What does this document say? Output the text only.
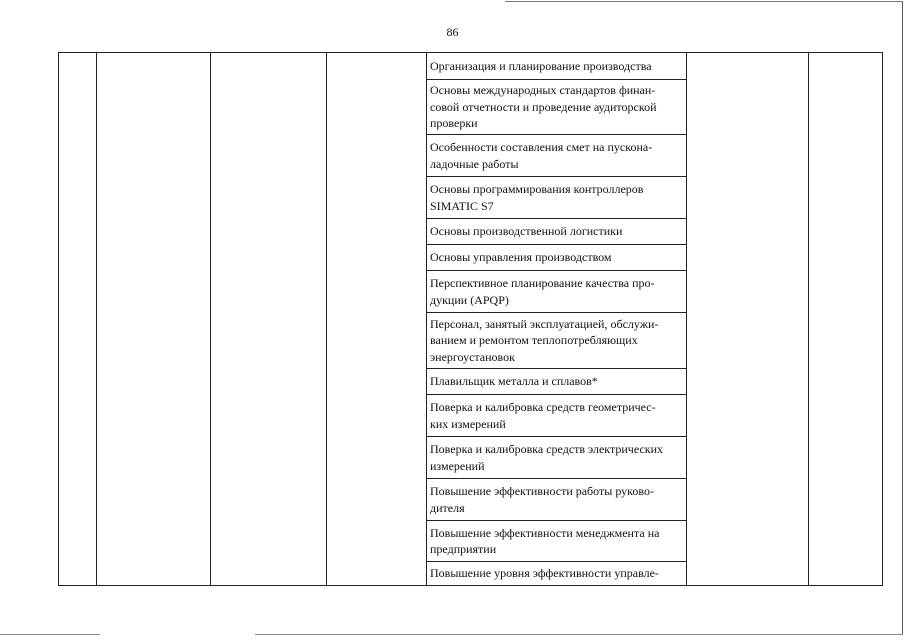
86

Организация и планирование производства
Основы международных стандартов финан-
совой отчетности и проведение аудиторской
проверки
Особенности составления смет на пускона-
ладочные работы
Основы программирования контроллеров
SIMATIC S7
Основы производственной логистики
Основы управления производством
Перспективное планирование качества про-
дукции (APQP)
Персонал, занятый эксплуатацией, обслужи-
ванием и ремонтом теплопотребляющих
энергоустановок
Плавильщик металла и сплавов*
Поверка и калибровка средств геометричес-
ких измерений
Поверка и калибровка средств электрических
измерений
Повышение эффективности работы руково-
дителя
Повышение эффективности менеджмента на
предприятии
Повышение уровня эффективности управле-
